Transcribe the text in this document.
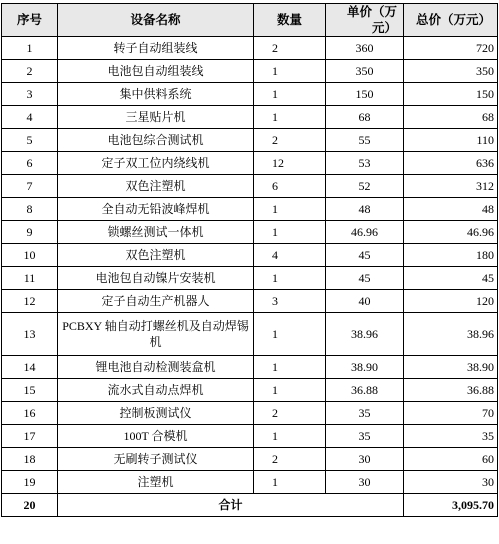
序号	设备名称	数量	单价（万元）	总价（万元）
1	转子自动组装线	2	360	720
2	电池包自动组装线	1	350	350
3	集中供料系统	1	150	150
4	三星贴片机	1	68	68
5	电池包综合测试机	2	55	110
6	定子双工位内绕线机	12	53	636
7	双色注塑机	6	52	312
8	全自动无铅波峰焊机	1	48	48
9	锁螺丝测试一体机	1	46.96	46.96
10	双色注塑机	4	45	180
11	电池包自动镍片安装机	1	45	45
12	定子自动生产机器人	3	40	120
13	PCBXY 轴自动打螺丝机及自动焊锡机	1	38.96	38.96
14	锂电池自动检测装盒机	1	38.90	38.90
15	流水式自动点焊机	1	36.88	36.88
16	控制板测试仪	2	35	70
17	100T 合模机	1	35	35
18	无刷转子测试仪	2	30	60
19	注塑机	1	30	30
20	合计			3,095.70
